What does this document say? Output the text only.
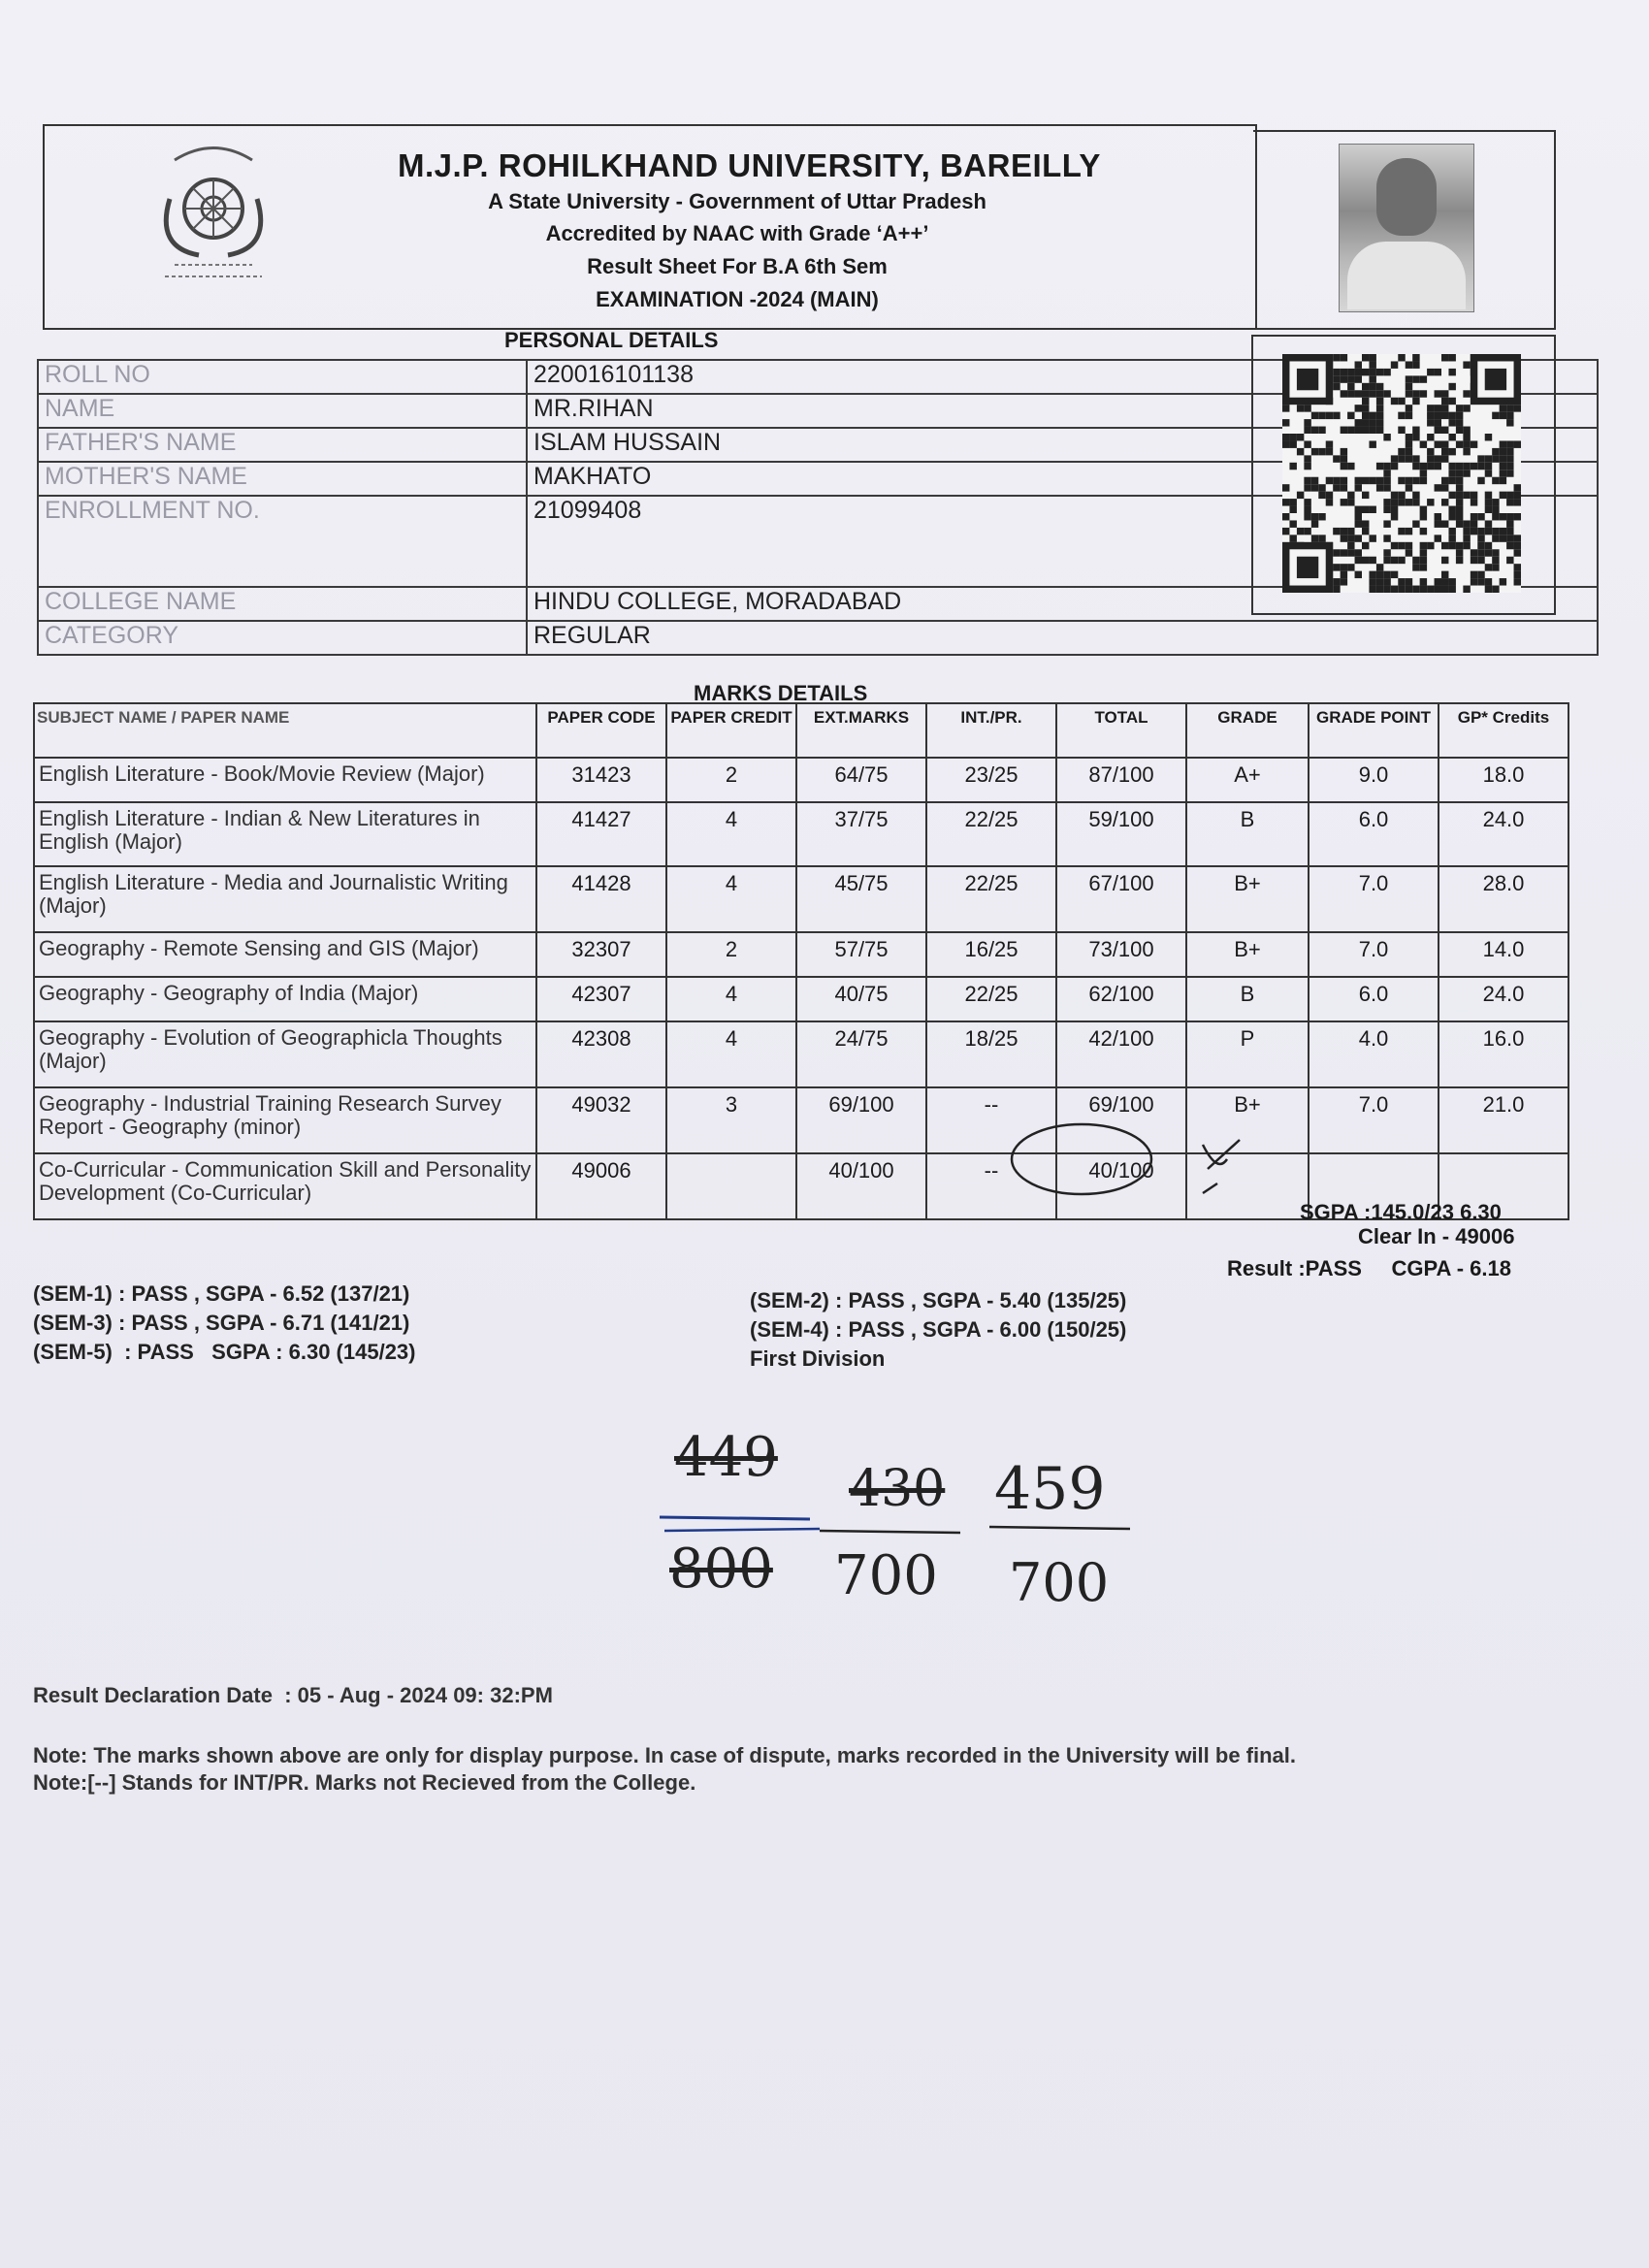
M.J.P. ROHILKHAND UNIVERSITY, BAREILLY
A State University - Government of Uttar Pradesh
Accredited by NAAC with Grade ‘A++’
Result Sheet For B.A 6th Sem
EXAMINATION -2024 (MAIN)
PERSONAL DETAILS

ROLL NO	220016101138
NAME	MR.RIHAN
FATHER'S NAME	ISLAM HUSSAIN
MOTHER'S NAME	MAKHATO
ENROLLMENT NO.	21099408
COLLEGE NAME	HINDU COLLEGE, MORADABAD
CATEGORY	REGULAR
MARKS DETAILS
SUBJECT NAME / PAPER NAME	PAPER CODE	PAPER CREDIT	EXT.MARKS	INT./PR.	TOTAL	GRADE	GRADE POINT	GP* Credits
English Literature - Book/Movie Review (Major)	31423	2	64/75	23/25	87/100	A+	9.0	18.0
English Literature - Indian & New Literatures in English (Major)	41427	4	37/75	22/25	59/100	B	6.0	24.0
English Literature - Media and Journalistic Writing (Major)	41428	4	45/75	22/25	67/100	B+	7.0	28.0
Geography - Remote Sensing and GIS (Major)	32307	2	57/75	16/25	73/100	B+	7.0	14.0
Geography - Geography of India (Major)	42307	4	40/75	22/25	62/100	B	6.0	24.0
Geography - Evolution of Geographicla Thoughts (Major)	42308	4	24/75	18/25	42/100	P	4.0	16.0
Geography - Industrial Training Research Survey Report - Geography (minor)	49032	3	69/100	--	69/100	B+	7.0	21.0
Co-Curricular - Communication Skill and Personality Development (Co-Curricular)	49006		40/100	--	40/100			
SGPA :145.0/23 6.30
Clear In - 49006
Result :PASS     CGPA - 6.18
(SEM-1) : PASS , SGPA - 6.52 (137/21)
(SEM-3) : PASS , SGPA - 6.71 (141/21)
(SEM-5)  : PASS   SGPA : 6.30 (145/23)
(SEM-2) : PASS , SGPA - 5.40 (135/25)
(SEM-4) : PASS , SGPA - 6.00 (150/25)
First Division
449
800
430
700
459
700
Result Declaration Date  : 05 - Aug - 2024 09: 32:PM
Note: The marks shown above are only for display purpose. In case of dispute, marks recorded in the University will be final.
Note:[--] Stands for INT/PR. Marks not Recieved from the College.
